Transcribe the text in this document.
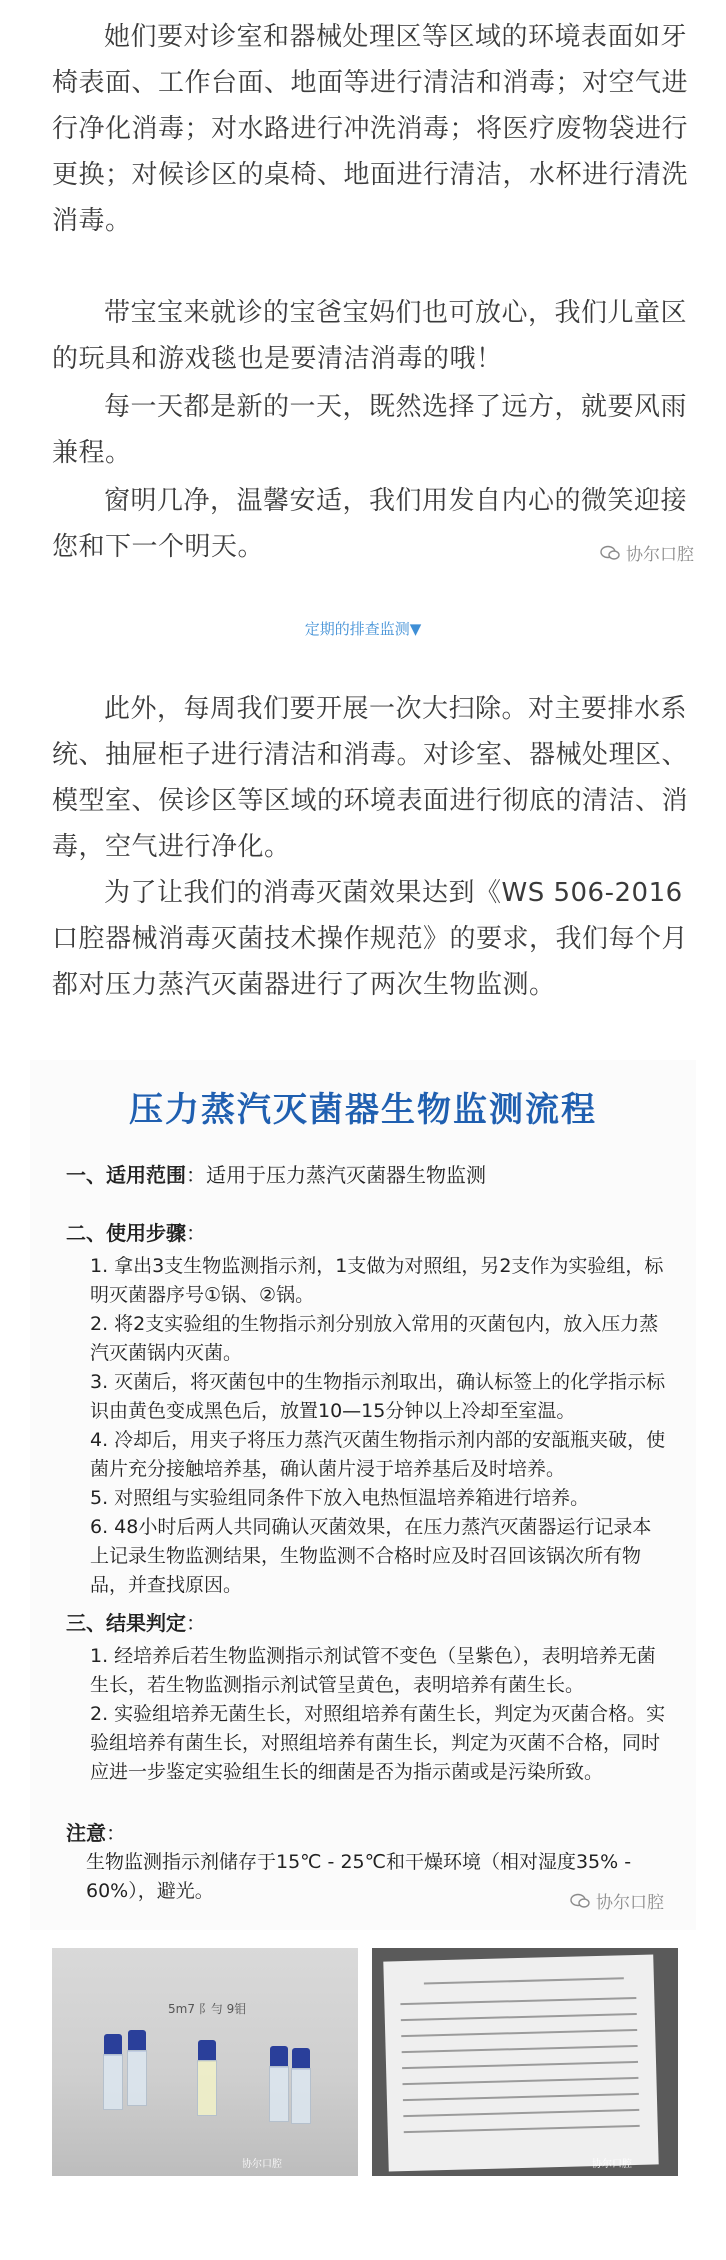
她们要对诊室和器械处理区等区域的环境表面如牙椅表面、工作台面、地面等进行清洁和消毒；对空气进行净化消毒；对水路进行冲洗消毒；将医疗废物袋进行更换；对候诊区的桌椅、地面进行清洁，水杯进行清洗消毒。

带宝宝来就诊的宝爸宝妈们也可放心，我们儿童区的玩具和游戏毯也是要清洁消毒的哦！

每一天都是新的一天，既然选择了远方，就要风雨兼程。

窗明几净，温馨安适，我们用发自内心的微笑迎接您和下一个明天。	协尔口腔
定期的排查监测▼

此外，每周我们要开展一次大扫除。对主要排水系统、抽屉柜子进行清洁和消毒。对诊室、器械处理区、模型室、侯诊区等区域的环境表面进行彻底的清洁、消毒，空气进行净化。

为了让我们的消毒灭菌效果达到《WS 506-2016口腔器械消毒灭菌技术操作规范》的要求，我们每个月都对压力蒸汽灭菌器进行了两次生物监测。

压力蒸汽灭菌器生物监测流程
一、适用范围：适用于压力蒸汽灭菌器生物监测
二、使用步骤：
1. 拿出3支生物监测指示剂，1支做为对照组，另2支作为实验组，标明灭菌器序号①锅、②锅。
2. 将2支实验组的生物指示剂分别放入常用的灭菌包内，放入压力蒸汽灭菌锅内灭菌。
3. 灭菌后，将灭菌包中的生物指示剂取出，确认标签上的化学指示标识由黄色变成黑色后，放置10—15分钟以上冷却至室温。
4. 冷却后，用夹子将压力蒸汽灭菌生物指示剂内部的安瓿瓶夹破，使菌片充分接触培养基，确认菌片浸于培养基后及时培养。
5. 对照组与实验组同条件下放入电热恒温培养箱进行培养。
6. 48小时后两人共同确认灭菌效果，在压力蒸汽灭菌器运行记录本上记录生物监测结果，生物监测不合格时应及时召回该锅次所有物品，并查找原因。
三、结果判定：
1. 经培养后若生物监测指示剂试管不变色（呈紫色），表明培养无菌生长，若生物监测指示剂试管呈黄色，表明培养有菌生长。
2. 实验组培养无菌生长，对照组培养有菌生长，判定为灭菌合格。实验组培养有菌生长，对照组培养有菌生长，判定为灭菌不合格，同时应进一步鉴定实验组生长的细菌是否为指示菌或是污染所致。
注意：
生物监测指示剂储存于15℃ - 25℃和干燥环境（相对湿度35% - 60%），避光。
协尔口腔
5m7 阝勻 9钼
协尔口腔	协尔口腔
